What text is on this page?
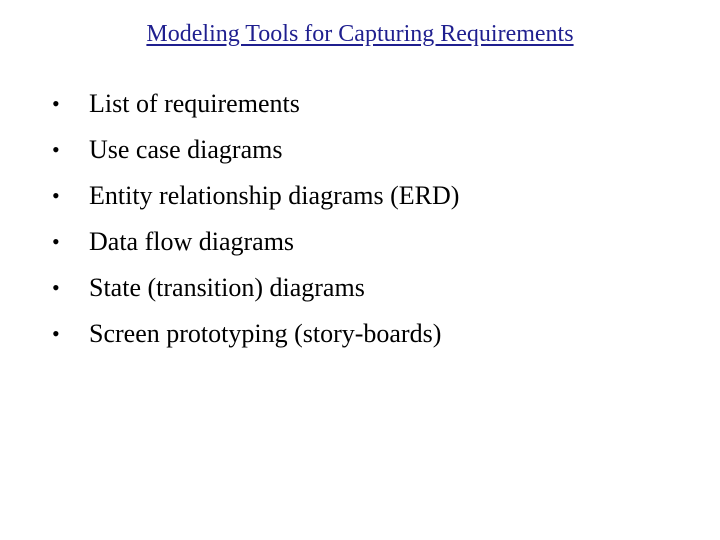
Modeling Tools for Capturing Requirements
•	List of requirements
•	Use case diagrams
•	Entity relationship diagrams (ERD)
•	Data flow diagrams
•	State (transition) diagrams
•	Screen prototyping (story-boards)
